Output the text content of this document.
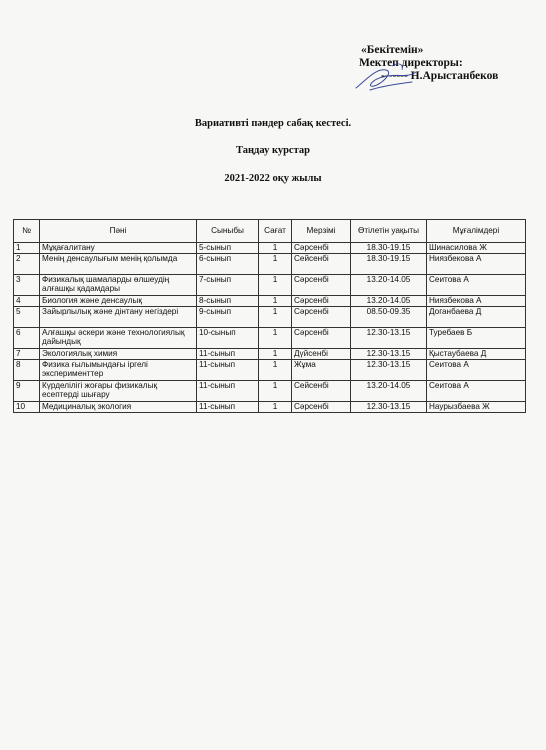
«Бекітемін»
Мектеп директоры:
------- Н.Арыстанбеков
Вариативті пәндер сабақ кестесі.
Таңдау курстар
2021-2022 оқу жылы
№	Пәні	Сыныбы	Сағат	Мерзімі	Өтілетін уақыты	Мұғалімдері
1	Мұқағалитану	5-сынып	1	Сәрсенбі	18.30-19.15	Шинасилова Ж
2	Менің денсаулығым менің қолымда	6-сынып	1	Сейсенбі	18.30-19.15	Ниязбекова А
3	Физикалық шамаларды өлшеудің алғашқы қадамдары	7-сынып	1	Сәрсенбі	13.20-14.05	Сеитова А
4	Биология және денсаулық	8-сынып	1	Сәрсенбі	13.20-14.05	Ниязбекова А
5	Зайырлылық және дінтану негіздері	9-сынып	1	Сәрсенбі	08.50-09.35	Доганбаева Д
6	Алғашқы әскери және технологиялық дайындық	10-сынып	1	Сәрсенбі	12.30-13.15	Туребаев Б
7	Экологиялық химия	11-сынып	1	Дүйсенбі	12.30-13.15	Қыстаубаева Д
8	Физика ғылымындағы іргелі эксперименттер	11-сынып	1	Жұма	12.30-13.15	Сеитова А
9	Күрделілігі жоғары физикалық есептерді шығару	11-сынып	1	Сейсенбі	13.20-14.05	Сеитова А
10	Медициналық экология	11-сынып	1	Сәрсенбі	12.30-13.15	Наурызбаева Ж
